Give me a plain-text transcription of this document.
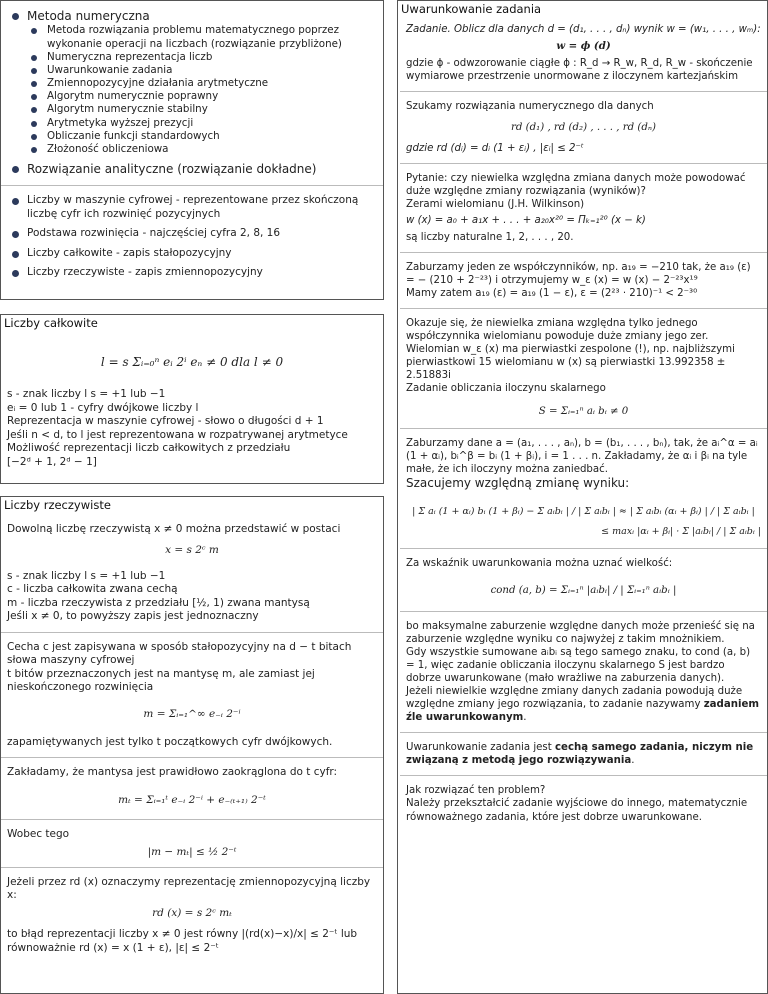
Metoda numeryczna
Metoda rozwiązania problemu matematycznego poprzez wykonanie operacji na liczbach (rozwiązanie przybliżone)
Numeryczna reprezentacja liczb
Uwarunkowanie zadania
Zmiennopozycyjne działania arytmetyczne
Algorytm numerycznie poprawny
Algorytm numerycznie stabilny
Arytmetyka wyższej prezycji
Obliczanie funkcji standardowych
Złożoność obliczeniowa
Rozwiązanie analityczne (rozwiązanie dokładne)
Liczby w maszynie cyfrowej - reprezentowane przez skończoną liczbę cyfr ich rozwinięć pozycyjnych
Podstawa rozwinięcia - najczęściej cyfra 2, 8, 16
Liczby całkowite - zapis stałopozycyjny
Liczby rzeczywiste - zapis zmiennopozycyjny
Liczby całkowite
l = s Σᵢ₌₀ⁿ eᵢ 2ⁱ eₙ ≠ 0 dla l ≠ 0
s - znak liczby l s = +1 lub −1
eᵢ = 0 lub 1 - cyfry dwójkowe liczby l
Reprezentacja w maszynie cyfrowej - słowo o długości d + 1
Jeśli n < d, to l jest reprezentowana w rozpatrywanej arytmetyce
Możliwość reprezentacji liczb całkowitych z przedziału
[−2ᵈ + 1, 2ᵈ − 1]
Liczby rzeczywiste
Dowolną liczbę rzeczywistą x ≠ 0 można przedstawić w postaci
x = s 2ᶜ m
s - znak liczby l s = +1 lub −1
c - liczba całkowita zwana cechą
m - liczba rzeczywista z przedziału [½, 1) zwana mantysą
Jeśli x ≠ 0, to powyższy zapis jest jednoznaczny
Cecha c jest zapisywana w sposób stałopozycyjny na d − t bitach słowa maszyny cyfrowej
t bitów przeznaczonych jest na mantysę m, ale zamiast jej nieskończonego rozwinięcia
m = Σᵢ₌₁^∞ e₋ᵢ 2⁻ⁱ
zapamiętywanych jest tylko t początkowych cyfr dwójkowych.
Zakładamy, że mantysa jest prawidłowo zaokrąglona do t cyfr:
mₜ = Σᵢ₌₁ᵗ e₋ᵢ 2⁻ⁱ + e₋₍ₜ₊₁₎ 2⁻ᵗ
Wobec tego
|m − mₜ| ≤ ½ 2⁻ᵗ
Jeżeli przez rd (x) oznaczymy reprezentację zmiennopozycyjną liczby x:
rd (x) = s 2ᶜ mₜ
to błąd reprezentacji liczby x ≠ 0 jest równy |(rd(x)−x)/x| ≤ 2⁻ᵗ lub
równoważnie rd (x) = x (1 + ε), |ε| ≤ 2⁻ᵗ
Uwarunkowanie zadania
Zadanie. Oblicz dla danych d = (d₁, . . . , dₙ) wynik w = (w₁, . . . , wₘ):
w = ϕ (d)
gdzie ϕ - odwzorowanie ciągłe ϕ : R_d → R_w, R_d, R_w - skończenie wymiarowe przestrzenie unormowane z iloczynem kartezjańskim
Szukamy rozwiązania numerycznego dla danych
rd (d₁) , rd (d₂) , . . . , rd (dₙ)
gdzie rd (dᵢ) = dᵢ (1 + εᵢ) , |εᵢ| ≤ 2⁻ᵗ
Pytanie: czy niewielka względna zmiana danych może powodować duże względne zmiany rozwiązania (wyników)?
Zerami wielomianu (J.H. Wilkinson)
w (x) = a₀ + a₁x + . . . + a₂₀x²⁰ = Πₖ₌₁²⁰ (x − k)
są liczby naturalne 1, 2, . . . , 20.
Zaburzamy jeden ze współczynników, np. a₁₉ = −210 tak, że a₁₉ (ε) = − (210 + 2⁻²³) i otrzymujemy w_ε (x) = w (x) − 2⁻²³x¹⁹
Mamy zatem a₁₉ (ε) = a₁₉ (1 − ε), ε = (2²³ · 210)⁻¹ < 2⁻³⁰
Okazuje się, że niewielka zmiana względna tylko jednego współczynnika wielomianu powoduje duże zmiany jego zer. Wielomian w_ε (x) ma pierwiastki zespolone (!), np. najbliższymi pierwiastkowi 15 wielomianu w (x) są pierwiastki 13.992358 ± 2.51883i
Zadanie obliczania iloczynu skalarnego
S = Σᵢ₌₁ⁿ aᵢ bᵢ ≠ 0
Zaburzamy dane a = (a₁, . . . , aₙ), b = (b₁, . . . , bₙ), tak, że aᵢ^α = aᵢ (1 + αᵢ), bᵢ^β = bᵢ (1 + βᵢ), i = 1 . . . n. Zakładamy, że αᵢ i βᵢ na tyle małe, że ich iloczyny można zaniedbać.
Szacujemy względną zmianę wyniku:
| Σ aᵢ (1 + αᵢ) bᵢ (1 + βᵢ) − Σ aᵢbᵢ | / | Σ aᵢbᵢ | ≈ | Σ aᵢbᵢ (αᵢ + βᵢ) | / | Σ aᵢbᵢ |
≤ maxᵢ |αᵢ + βᵢ| · Σ |aᵢbᵢ| / | Σ aᵢbᵢ |
Za wskaźnik uwarunkowania można uznać wielkość:
cond (a, b) = Σᵢ₌₁ⁿ |aᵢbᵢ| / | Σᵢ₌₁ⁿ aᵢbᵢ |
bo maksymalne zaburzenie względne danych może przenieść się na zaburzenie względne wyniku co najwyżej z takim mnożnikiem.
Gdy wszystkie sumowane aᵢbᵢ są tego samego znaku, to cond (a, b) = 1, więc zadanie obliczania iloczynu skalarnego S jest bardzo dobrze uwarunkowane (mało wrażliwe na zaburzenia danych).
Jeżeli niewielkie względne zmiany danych zadania powodują duże względne zmiany jego rozwiązania, to zadanie nazywamy zadaniem źle uwarunkowanym.
Uwarunkowanie zadania jest cechą samego zadania, niczym nie związaną z metodą jego rozwiązywania.
Jak rozwiązać ten problem?
Należy przekształcić zadanie wyjściowe do innego, matematycznie równoważnego zadania, które jest dobrze uwarunkowane.
